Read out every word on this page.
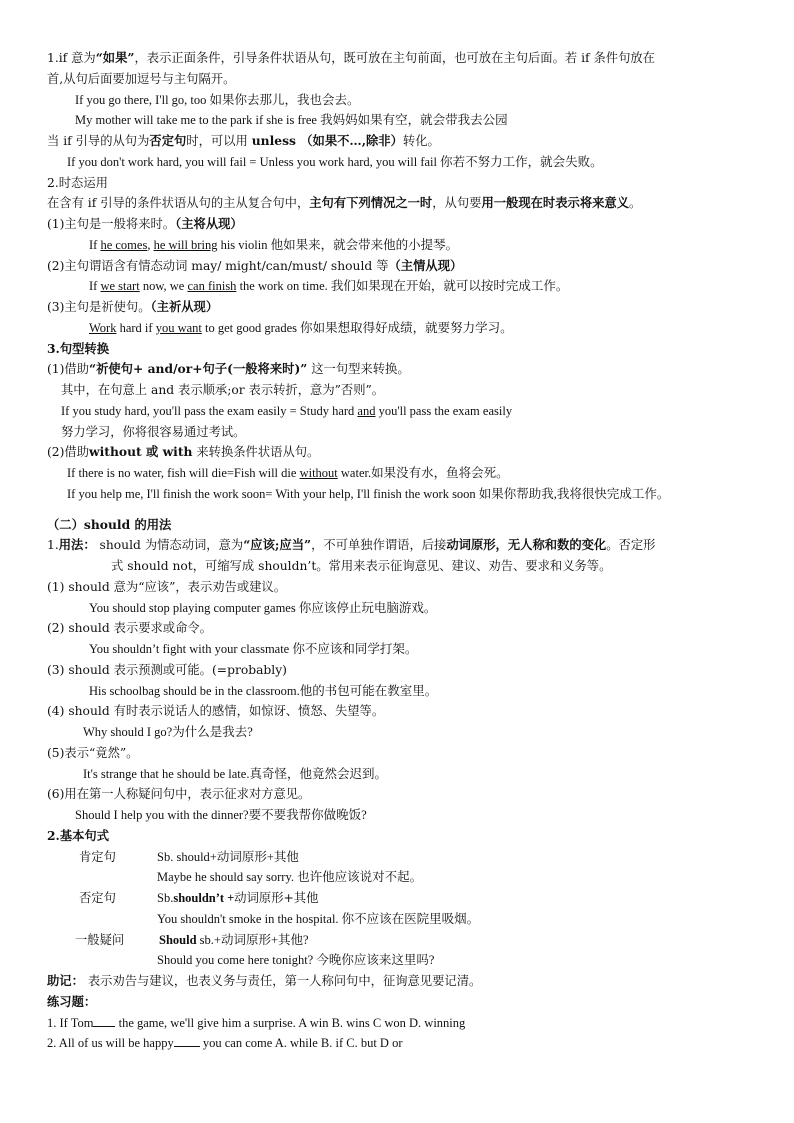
1.if 意为“如果”，表示正面条件，引导条件状语从句，既可放在主句前面，也可放在主句后面。若 if 条件句放在
首,从句后面要加逗号与主句隔开。
If you go there, I'll go, too 如果你去那儿，我也会去。
My mother will take me to the park if she is free 我妈妈如果有空，就会带我去公园
当 if 引导的从句为否定句时，可以用 unless （如果不…,除非）转化。
If you don't work hard, you will fail = Unless you work hard, you will fail 你若不努力工作，就会失败。
2.时态运用
在含有 if 引导的条件状语从句的主从复合句中，主句有下列情况之一时，从句要用一般现在时表示将来意义。
(1)主句是一般将来时。（主将从现）
If he comes, he will bring his violin 他如果来，就会带来他的小提琴。
(2)主句谓语含有情态动词 may/ might/can/must/ should 等（主情从现）
If we start now, we can finish the work on time. 我们如果现在开始，就可以按时完成工作。
(3)主句是祈使句。（主祈从现）
Work hard if you want to get good grades 你如果想取得好成绩，就要努力学习。
3.句型转换
(1)借助“祈使句+ and/or+句子(一般将来时)” 这一句型来转换。
其中，在句意上 and 表示顺承;or 表示转折，意为”否则”。
If you study hard, you'll pass the exam easily = Study hard and you'll pass the exam easily
努力学习，你将很容易通过考试。
(2)借助without 或 with 来转换条件状语从句。
If there is no water, fish will die=Fish will die without water.如果没有水，鱼将会死。
If you help me, I'll finish the work soon= With your help, I'll finish the work soon 如果你帮助我,我将很快完成工作。
（二）should 的用法
1.用法： should 为情态动词，意为“应该;应当”，不可单独作谓语，后接动词原形，无人称和数的变化。否定形
式 should not，可缩写成 shouldn’t。常用来表示征询意见、建议、劝告、要求和义务等。
(1) should 意为“应该”，表示劝告或建议。
You should stop playing computer games 你应该停止玩电脑游戏。
(2) should 表示要求或命令。
You shouldn’t fight with your classmate 你不应该和同学打架。
(3) should 表示预测或可能。(=probably)
His schoolbag should be in the classroom.他的书包可能在教室里。
(4) should 有时表示说话人的感情，如惊讶、愤怒、失望等。
Why should I go?为什么是我去?
(5)表示“竟然”。
It's strange that he should be late.真奇怪，他竟然会迟到。
(6)用在第一人称疑问句中，表示征求对方意见。
Should I help you with the dinner?要不要我帮你做晚饭?
2.基本句式
肯定句	Sb. should+动词原形+其他
Maybe he should say sorry. 也许他应该说对不起。
否定句	Sb.shouldn’t +动词原形+其他
You shouldn't smoke in the hospital. 你不应该在医院里吸烟。
一般疑问	Should sb.+动词原形+其他?
Should you come here tonight? 今晚你应该来这里吗?
助记： 表示劝告与建议，也表义务与责任，第一人称问句中，征询意见要记清。
练习题：
1. If Tom the game, we'll give him a surprise. A win B. wins C won D. winning
2. All of us will be happy you can come A. while B. if C. but D or
